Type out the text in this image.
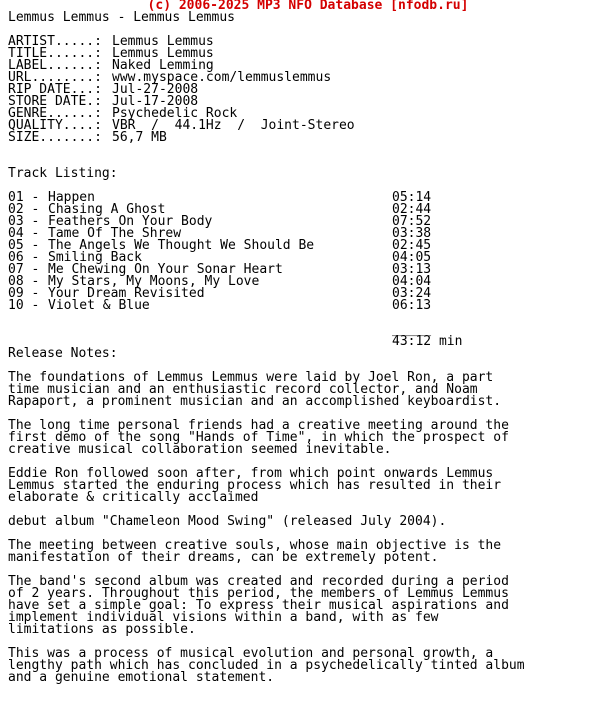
(c) 2006-2025 MP3 NFO Database [nfodb.ru]
Lemmus Lemmus - Lemmus Lemmus
ARTIST.....: Lemmus Lemmus
TITLE......: Lemmus Lemmus
LABEL......: Naked Lemming
URL........: www.myspace.com/lemmuslemmus
RIP DATE...: Jul-27-2008
STORE DATE.: Jul-17-2008
GENRE......: Psychedelic Rock
QUALITY....: VBR  /  44.1Hz  /  Joint-Stereo
SIZE.......: 56,7 MB
Track Listing:
01 - Happen	05:14
02 - Chasing A Ghost	02:44
03 - Feathers On Your Body	07:52
04 - Tame Of The Shrew	03:38
05 - The Angels We Thought We Should Be	02:45
06 - Smiling Back	04:05
07 - Me Chewing On Your Sonar Heart	03:13
08 - My Stars, My Moons, My Love	04:04
09 - Your Dream Revisited	03:24
10 - Violet & Blue	06:13
_____
43:12 min
Release Notes:
The foundations of Lemmus Lemmus were laid by Joel Ron, a part
time musician and an enthusiastic record collector, and Noam
Rapaport, a prominent musician and an accomplished keyboardist.
The long time personal friends had a creative meeting around the
first demo of the song "Hands of Time", in which the prospect of
creative musical collaboration seemed inevitable.
Eddie Ron followed soon after, from which point onwards Lemmus
Lemmus started the enduring process which has resulted in their
elaborate & critically acclaimed
debut album "Chameleon Mood Swing" (released July 2004).
The meeting between creative souls, whose main objective is the
manifestation of their dreams, can be extremely potent.
The band's second album was created and recorded during a period
of 2 years. Throughout this period, the members of Lemmus Lemmus
have set a simple goal: To express their musical aspirations and
implement individual visions within a band, with as few
limitations as possible.
This was a process of musical evolution and personal growth, a
lengthy path which has concluded in a psychedelically tinted album
and a genuine emotional statement.
